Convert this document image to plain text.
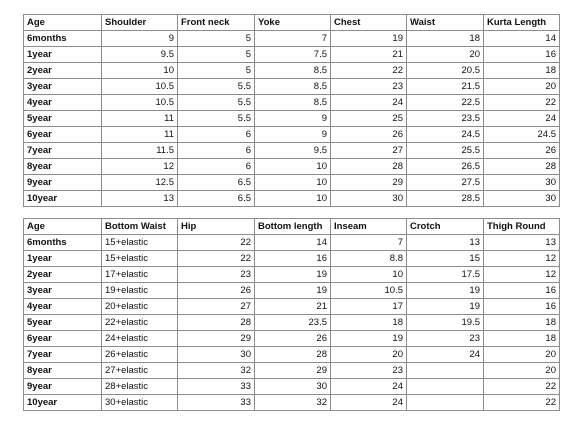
Age	Shoulder	Front neck	Yoke	Chest	Waist	Kurta Length
6months	9	5	7	19	18	14
1year	9.5	5	7.5	21	20	16
2year	10	5	8.5	22	20.5	18
3year	10.5	5.5	8.5	23	21.5	20
4year	10.5	5.5	8.5	24	22.5	22
5year	11	5.5	9	25	23.5	24
6year	11	6	9	26	24.5	24.5
7year	11.5	6	9.5	27	25.5	26
8year	12	6	10	28	26.5	28
9year	12.5	6.5	10	29	27.5	30
10year	13	6.5	10	30	28.5	30

Age	Bottom Waist	Hip	Bottom length	Inseam	Crotch	Thigh Round
6months	15+elastic	22	14	7	13	13
1year	15+elastic	22	16	8.8	15	12
2year	17+elastic	23	19	10	17.5	12
3year	19+elastic	26	19	10.5	19	16
4year	20+elastic	27	21	17	19	16
5year	22+elastic	28	23.5	18	19.5	18
6year	24+elastic	29	26	19	23	18
7year	26+elastic	30	28	20	24	20
8year	27+elastic	32	29	23		20
9year	28+elastic	33	30	24		22
10year	30+elastic	33	32	24		22
